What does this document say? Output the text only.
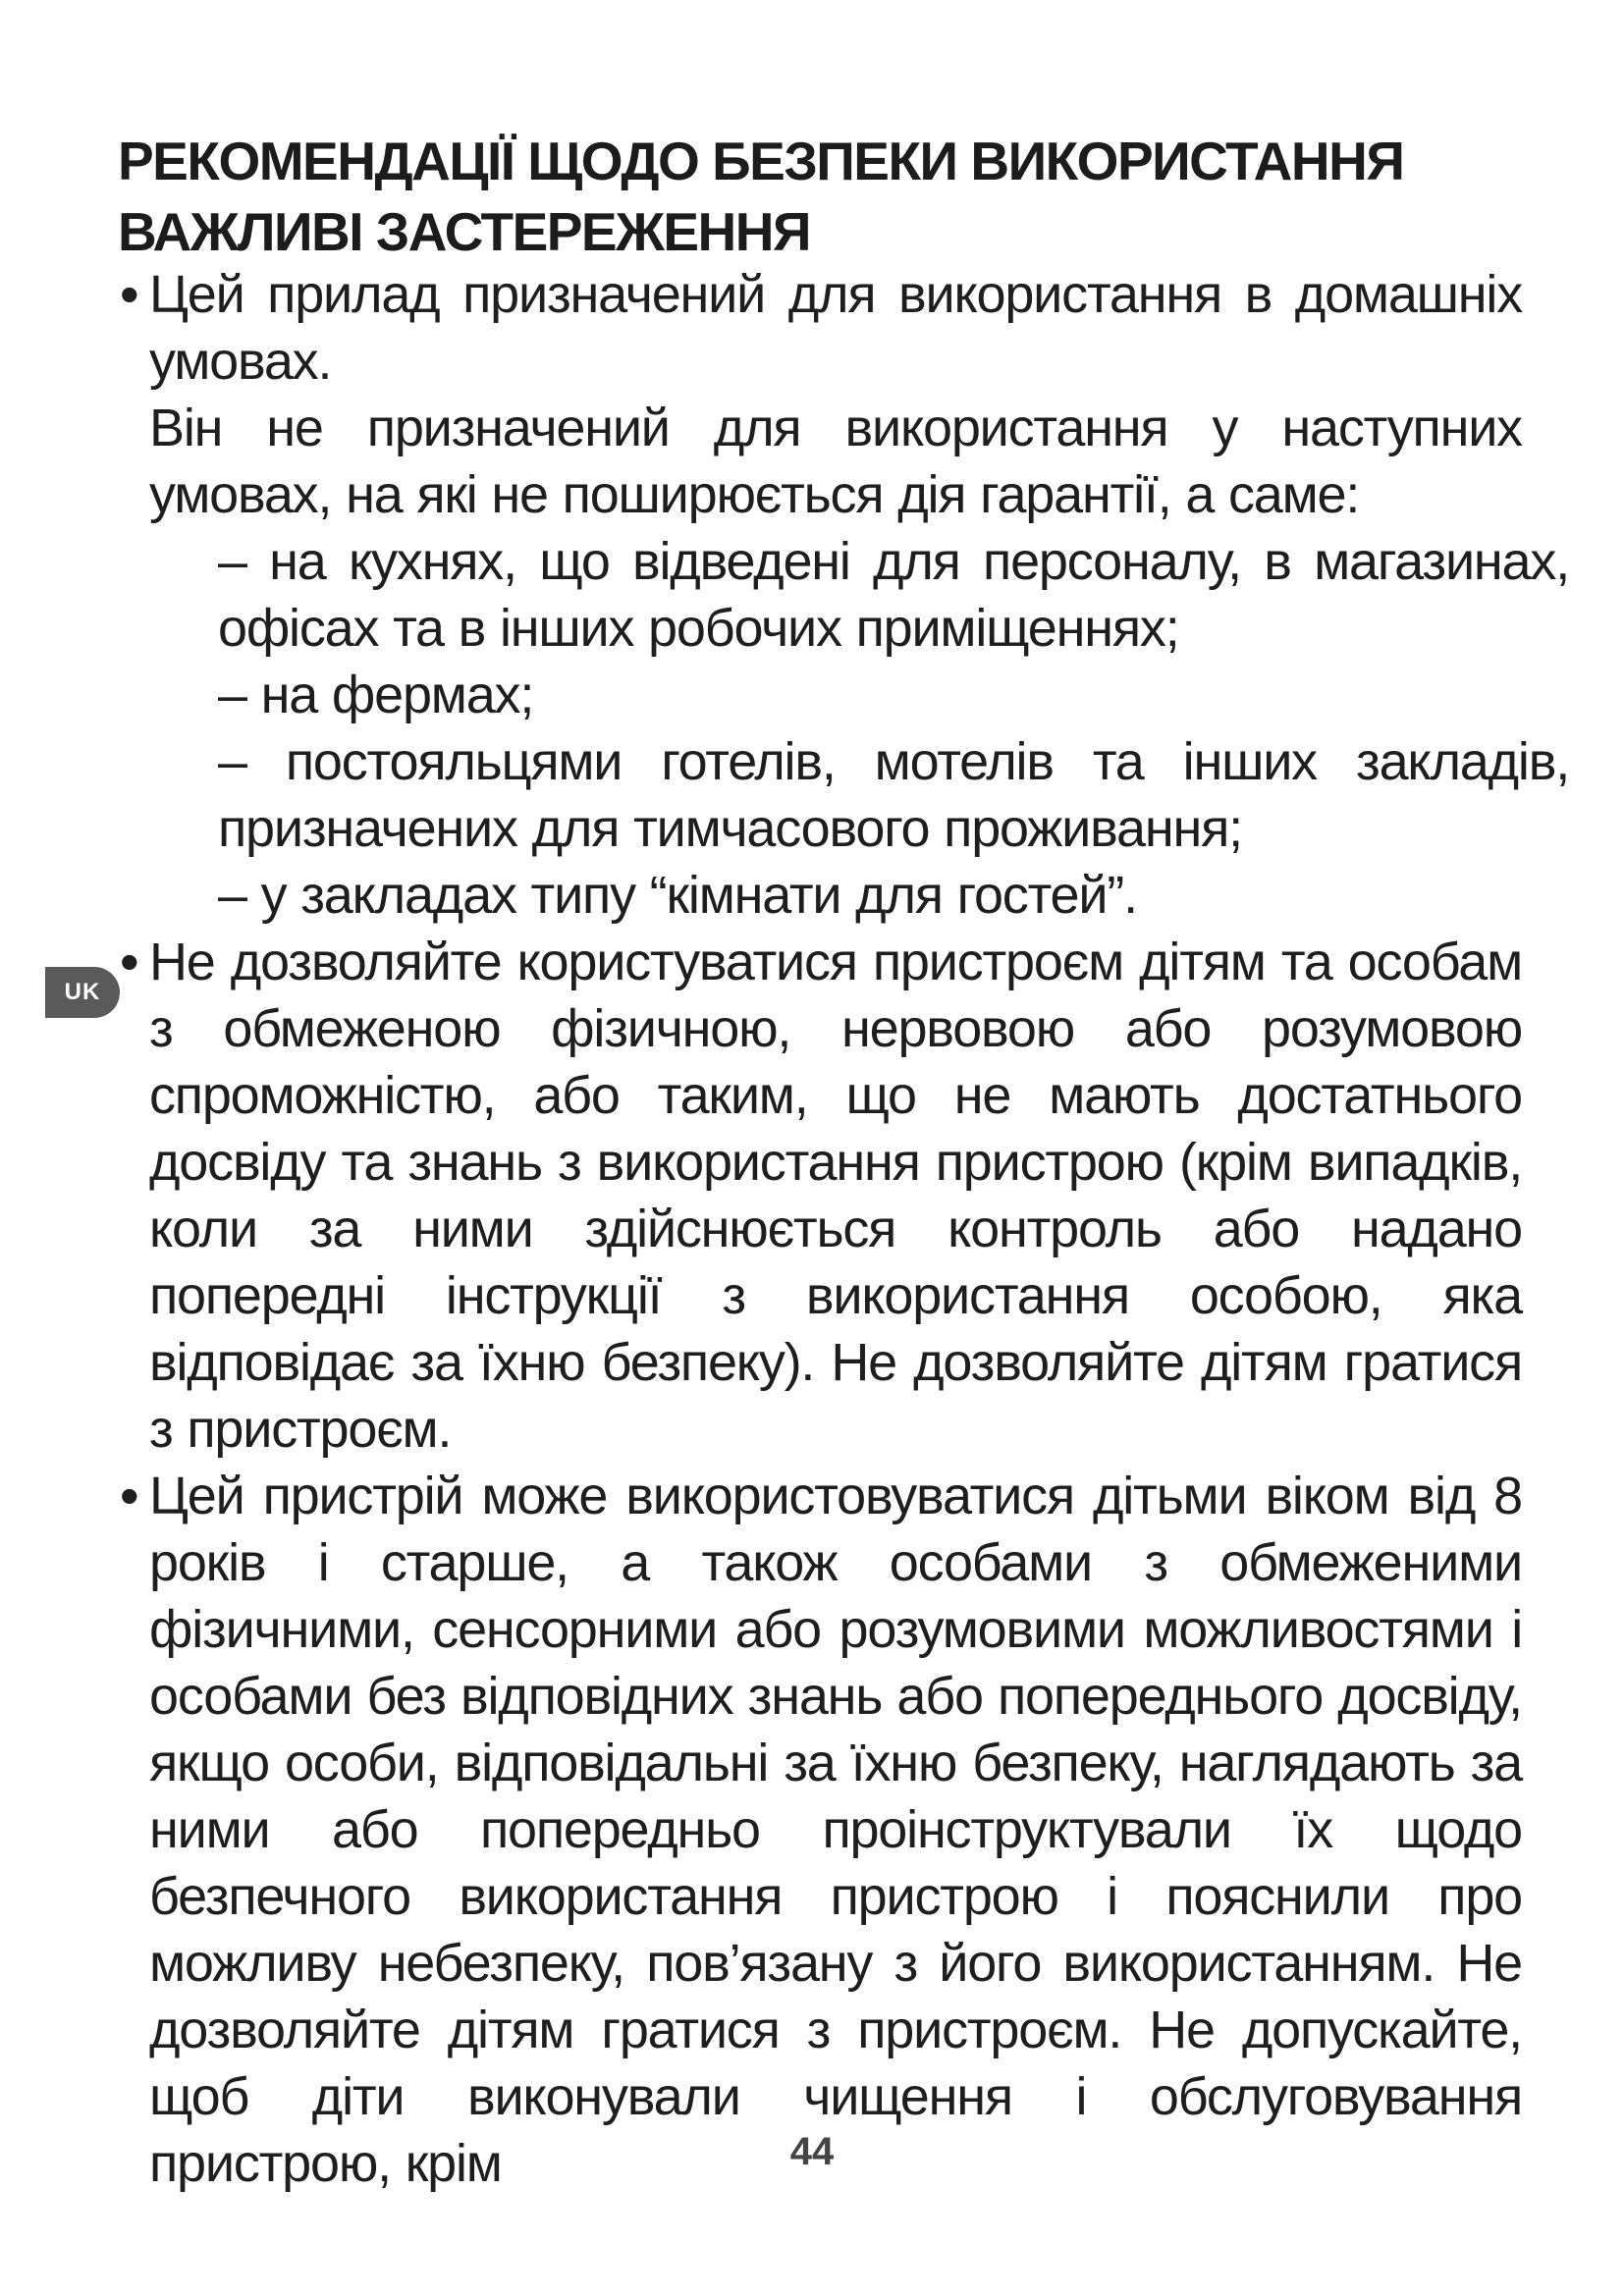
РЕКОМЕНДАЦІЇ ЩОДО БЕЗПЕКИ ВИКОРИСТАННЯ
ВАЖЛИВІ ЗАСТЕРЕЖЕННЯ
UK
• Цей прилад призначений для використання в домашніх умовах.

Він не призначений для використання у наступних умовах, на які не поширюється дія гарантії, а саме:

– на кухнях, що відведені для персоналу, в магазинах, офісах та в інших робочих приміщеннях;

– на фермах;

– постояльцями готелів, мотелів та інших закладів, призначених для тимчасового проживання;

– у закладах типу “кімнати для гостей”.

• Не дозволяйте користуватися пристроєм дітям та особам з обмеженою фізичною, нервовою або розумовою спроможністю, або таким, що не мають достатнього досвіду та знань з використання пристрою (крім випадків, коли за ними здійснюється контроль або надано попередні інструкції з використання особою, яка відповідає за їхню безпеку). Не дозволяйте дітям гратися з пристроєм.

• Цей пристрій може використовуватися дітьми віком від 8 років і старше, а також особами з обмеженими фізичними, сенсорними або розумовими можливостями і особами без відповідних знань або попереднього досвіду, якщо особи, відповідальні за їхню безпеку, наглядають за ними або попередньо проінструктували їх щодо безпечного використання пристрою і пояснили про можливу небезпеку, пов’язану з його використанням. Не дозволяйте дітям гратися з пристроєм. Не допускайте, щоб діти виконували чищення і обслуговування пристрою, крім	44
